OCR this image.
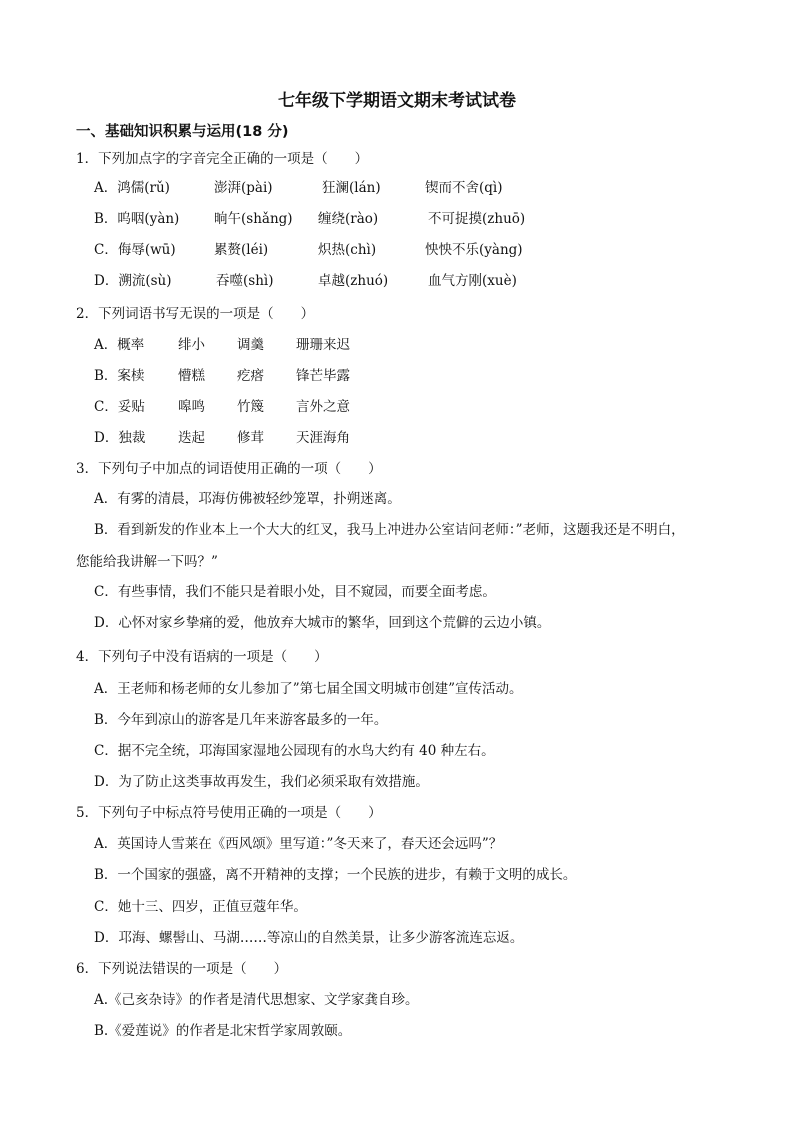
七年级下学期语文期末考试试卷
一、基础知识积累与运用(18 分)
1．下列加点字的字音完全正确的一项是（　　）
A．鸿儒(rǔ)	澎湃(pài)	狂澜(lán)	锲而不舍(qì)
B．呜咽(yàn)	晌午(shǎng) 缠绕(rào)	不可捉摸(zhuō)
C．侮辱(wū)	累赘(léi)	炽热(chì)	怏怏不乐(yàng)
D．溯流(sù)	吞噬(shì)	卓越(zhuó)	血气方刚(xuè)
2．下列词语书写无误的一项是（　　）
A．概率	绯小 调羹 珊珊来迟
B．案椟 懵糕 疙瘩 锋芒毕露
C．妥贴 嗥鸣 竹篾 言外之意
D．独裁 迭起 修茸 天涯海角
3．下列句子中加点的词语使用正确的一项（　　）
A．有雾的清晨，邛海仿佛被轻纱笼罩，扑朔迷离。
B．看到新发的作业本上一个大大的红叉，我马上冲进办公室诘问老师：”老师，这题我还是不明白，
您能给我讲解一下吗？”
C．有些事情，我们不能只是着眼小处，目不窥园，而要全面考虑。
D．心怀对家乡挚痛的爱，他放弃大城市的繁华，回到这个荒僻的云边小镇。
4．下列句子中没有语病的一项是（　　）
A．王老师和杨老师的女儿参加了”第七届全国文明城市创建”宣传活动。
B．今年到凉山的游客是几年来游客最多的一年。
C．据不完全统，邛海国家湿地公园现有的水鸟大约有 40 种左右。
D．为了防止这类事故再发生，我们必须采取有效措施。
5．下列句子中标点符号使用正确的一项是（　　）
A．英国诗人雪莱在《西风颂》里写道：”冬天来了，春天还会远吗”？
B．一个国家的强盛，离不开精神的支撑；一个民族的进步，有赖于文明的成长。
C．她十三、四岁，正值豆蔻年华。
D．邛海、螺髻山、马湖……等凉山的自然美景，让多少游客流连忘返。
6．下列说法错误的一项是（　　）
A.《己亥杂诗》的作者是清代思想家、文学家龚自珍。
B.《爱莲说》的作者是北宋哲学家周敦颐。
